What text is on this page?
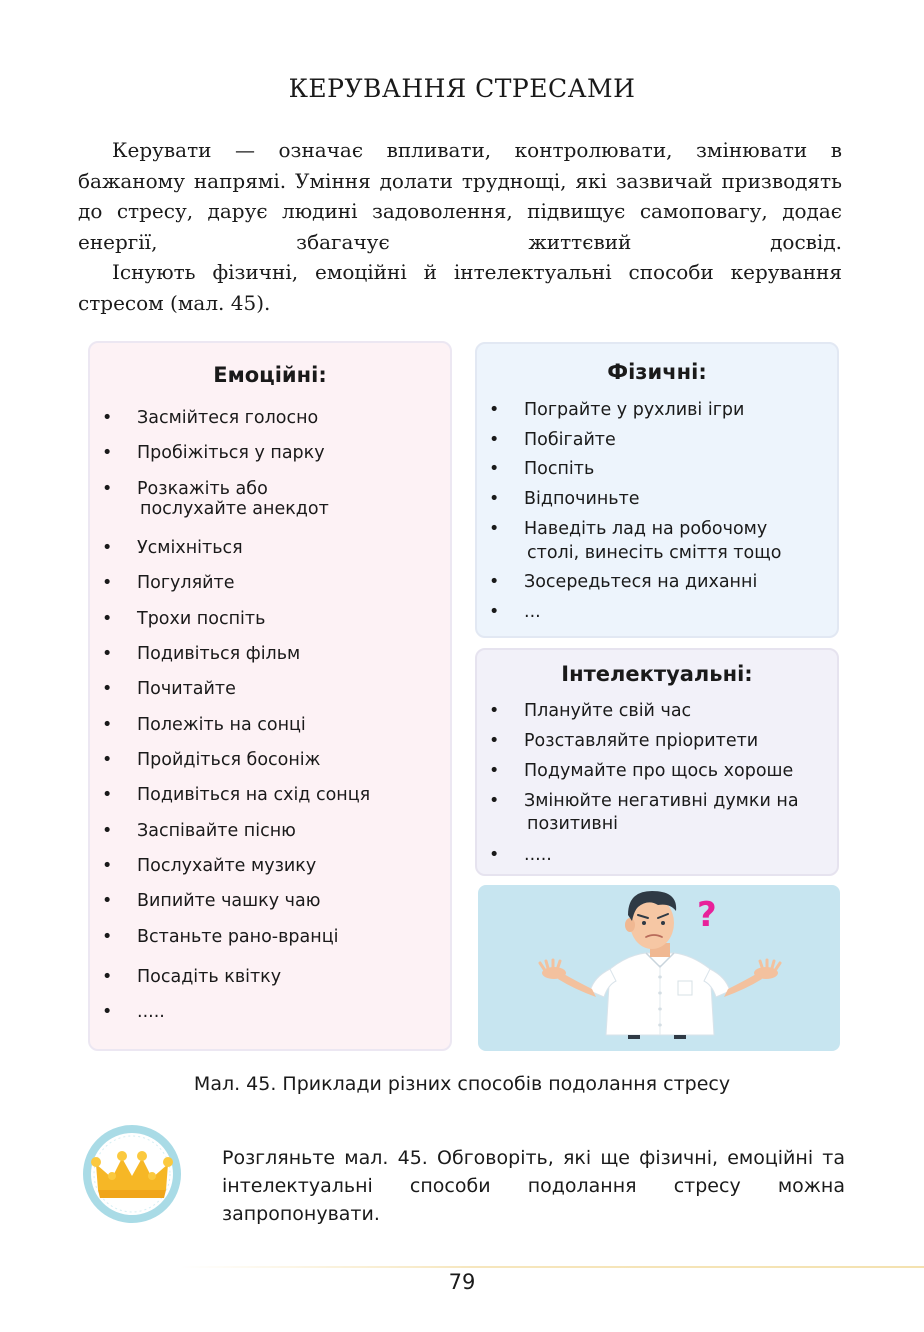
КЕРУВАННЯ СТРЕСАМИ

Керувати — означає впливати, контролювати, змінювати в бажаному напрямі. Уміння долати труднощі, які зазвичай призводять до стресу, дарує людині задоволення, підвищує самоповагу, додає енергії, збагачує життєвий досвід.

Існують фізичні, емоційні й інтелектуальні способи керування стресом (мал. 45).

Емоційні:
• Засмійтеся голосно
• Пробіжіться у парку
• Розкажіть або
послухайте анекдот
• Усміхніться
• Погуляйте
• Трохи поспіть
• Подивіться фільм
• Почитайте
• Полежіть на сонці
• Пройдіться босоніж
• Подивіться на схід сонця
• Заспівайте пісню
• Послухайте музику
• Випийте чашку чаю
• Встаньте рано-вранці
• Посадіть квітку
• .....
Фізичні:
• Пограйте у рухливі ігри
• Побігайте
• Поспіть
• Відпочиньте
• Наведіть лад на робочому
столі, винесіть сміття тощо
• Зосередьтеся на диханні
• ...
Інтелектуальні:
• Плануйте свій час
• Розставляйте пріоритети
• Подумайте про щось хороше
• Змінюйте негативні думки на
позитивні
• .....
?
Мал. 45. Приклади різних способів подолання стресу
Розгляньте мал. 45. Обговоріть, які ще фізичні, емоційні та інтелектуальні способи подолання стресу можна запропонувати.
79
